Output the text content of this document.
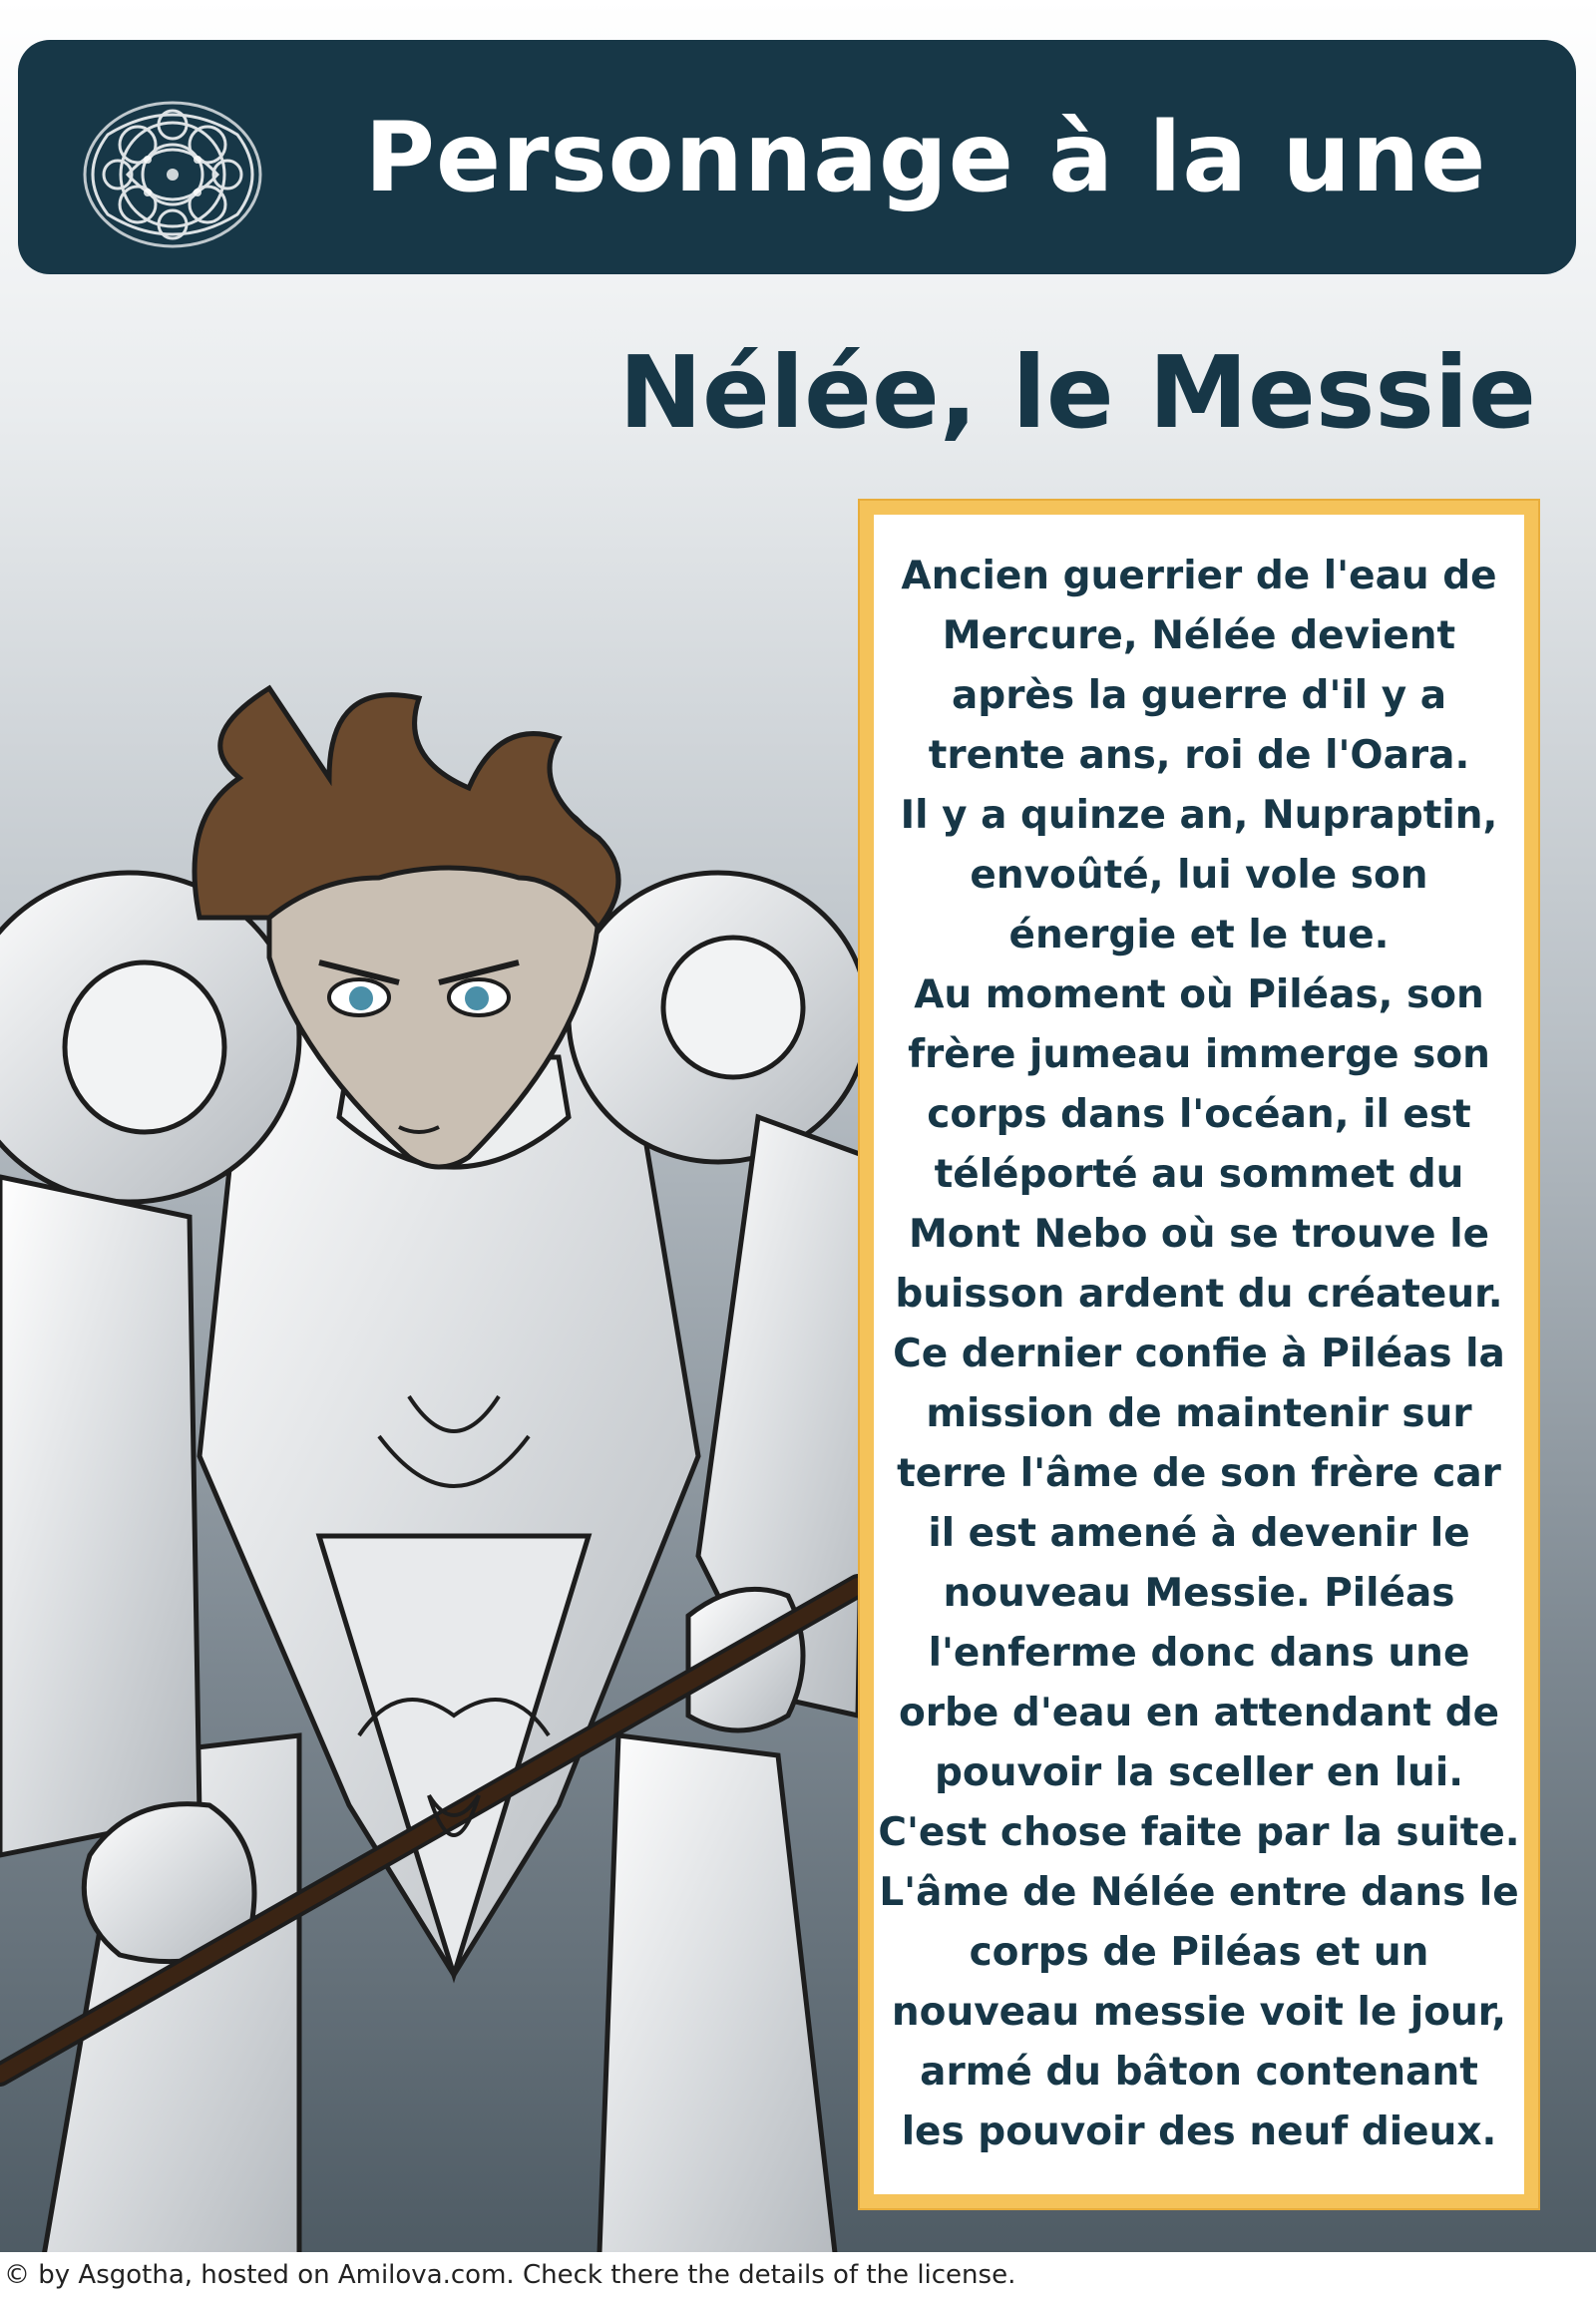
Personnage à la une
Nélée, le Messie

Ancien guerrier de l'eau de
Mercure, Nélée devient
après la guerre d'il y a
trente ans, roi de l'Oara.
Il y a quinze an, Nupraptin,
envoûté, lui vole son
énergie et le tue.
Au moment où Piléas, son
frère jumeau immerge son
corps dans l'océan, il est
téléporté au sommet du
Mont Nebo où se trouve le
buisson ardent du créateur.
Ce dernier confie à Piléas la
mission de maintenir sur
terre l'âme de son frère car
il est amené à devenir le
nouveau Messie. Piléas
l'enferme donc dans une
orbe d'eau en attendant de
pouvoir la sceller en lui.
C'est chose faite par la suite.
L'âme de Nélée entre dans le
corps de Piléas et un
nouveau messie voit le jour,
armé du bâton contenant
les pouvoir des neuf dieux.

© by Asgotha, hosted on Amilova.com. Check there the details of the license.
